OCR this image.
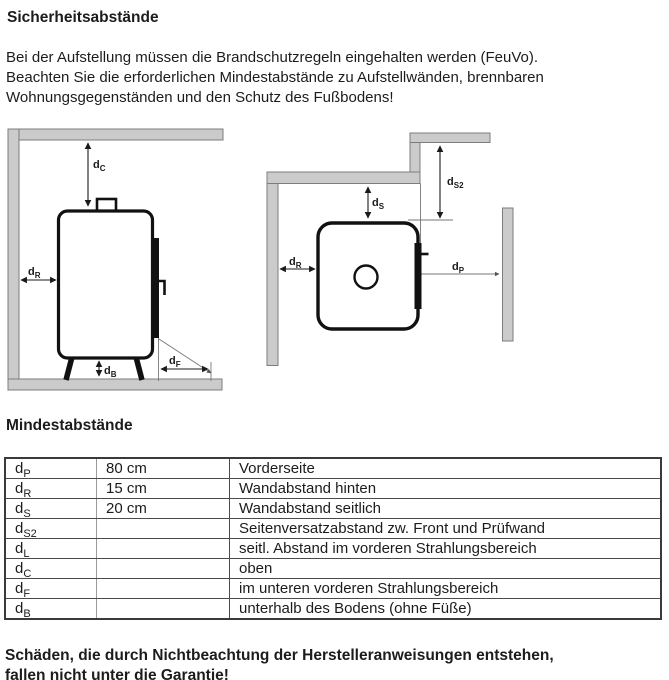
Sicherheitsabstände

Bei der Aufstellung müssen die Brandschutzregeln eingehalten werden (FeuVo).
Beachten Sie die erforderlichen Mindestabstände zu Aufstellwänden, brennbaren
Wohnungsgegenständen und den Schutz des Fußbodens!

$d_C$
$d_R$
$d_B$
$d_F$
$d_{S2}$
$d_S$
$d_R$	$d_P$
Mindestabstände
$d_P$	80 cm	Vorderseite
$d_R$	15 cm	Wandabstand hinten
$d_S$	20 cm	Wandabstand seitlich
$d_{S2}$		Seitenversatzabstand zw. Front und Prüfwand
$d_L$		seitl. Abstand im vorderen Strahlungsbereich
$d_C$		oben
$d_F$		im unteren vorderen Strahlungsbereich
$d_B$		unterhalb des Bodens (ohne Füße)

Schäden, die durch Nichtbeachtung der Herstelleranweisungen entstehen,
fallen nicht unter die Garantie!
